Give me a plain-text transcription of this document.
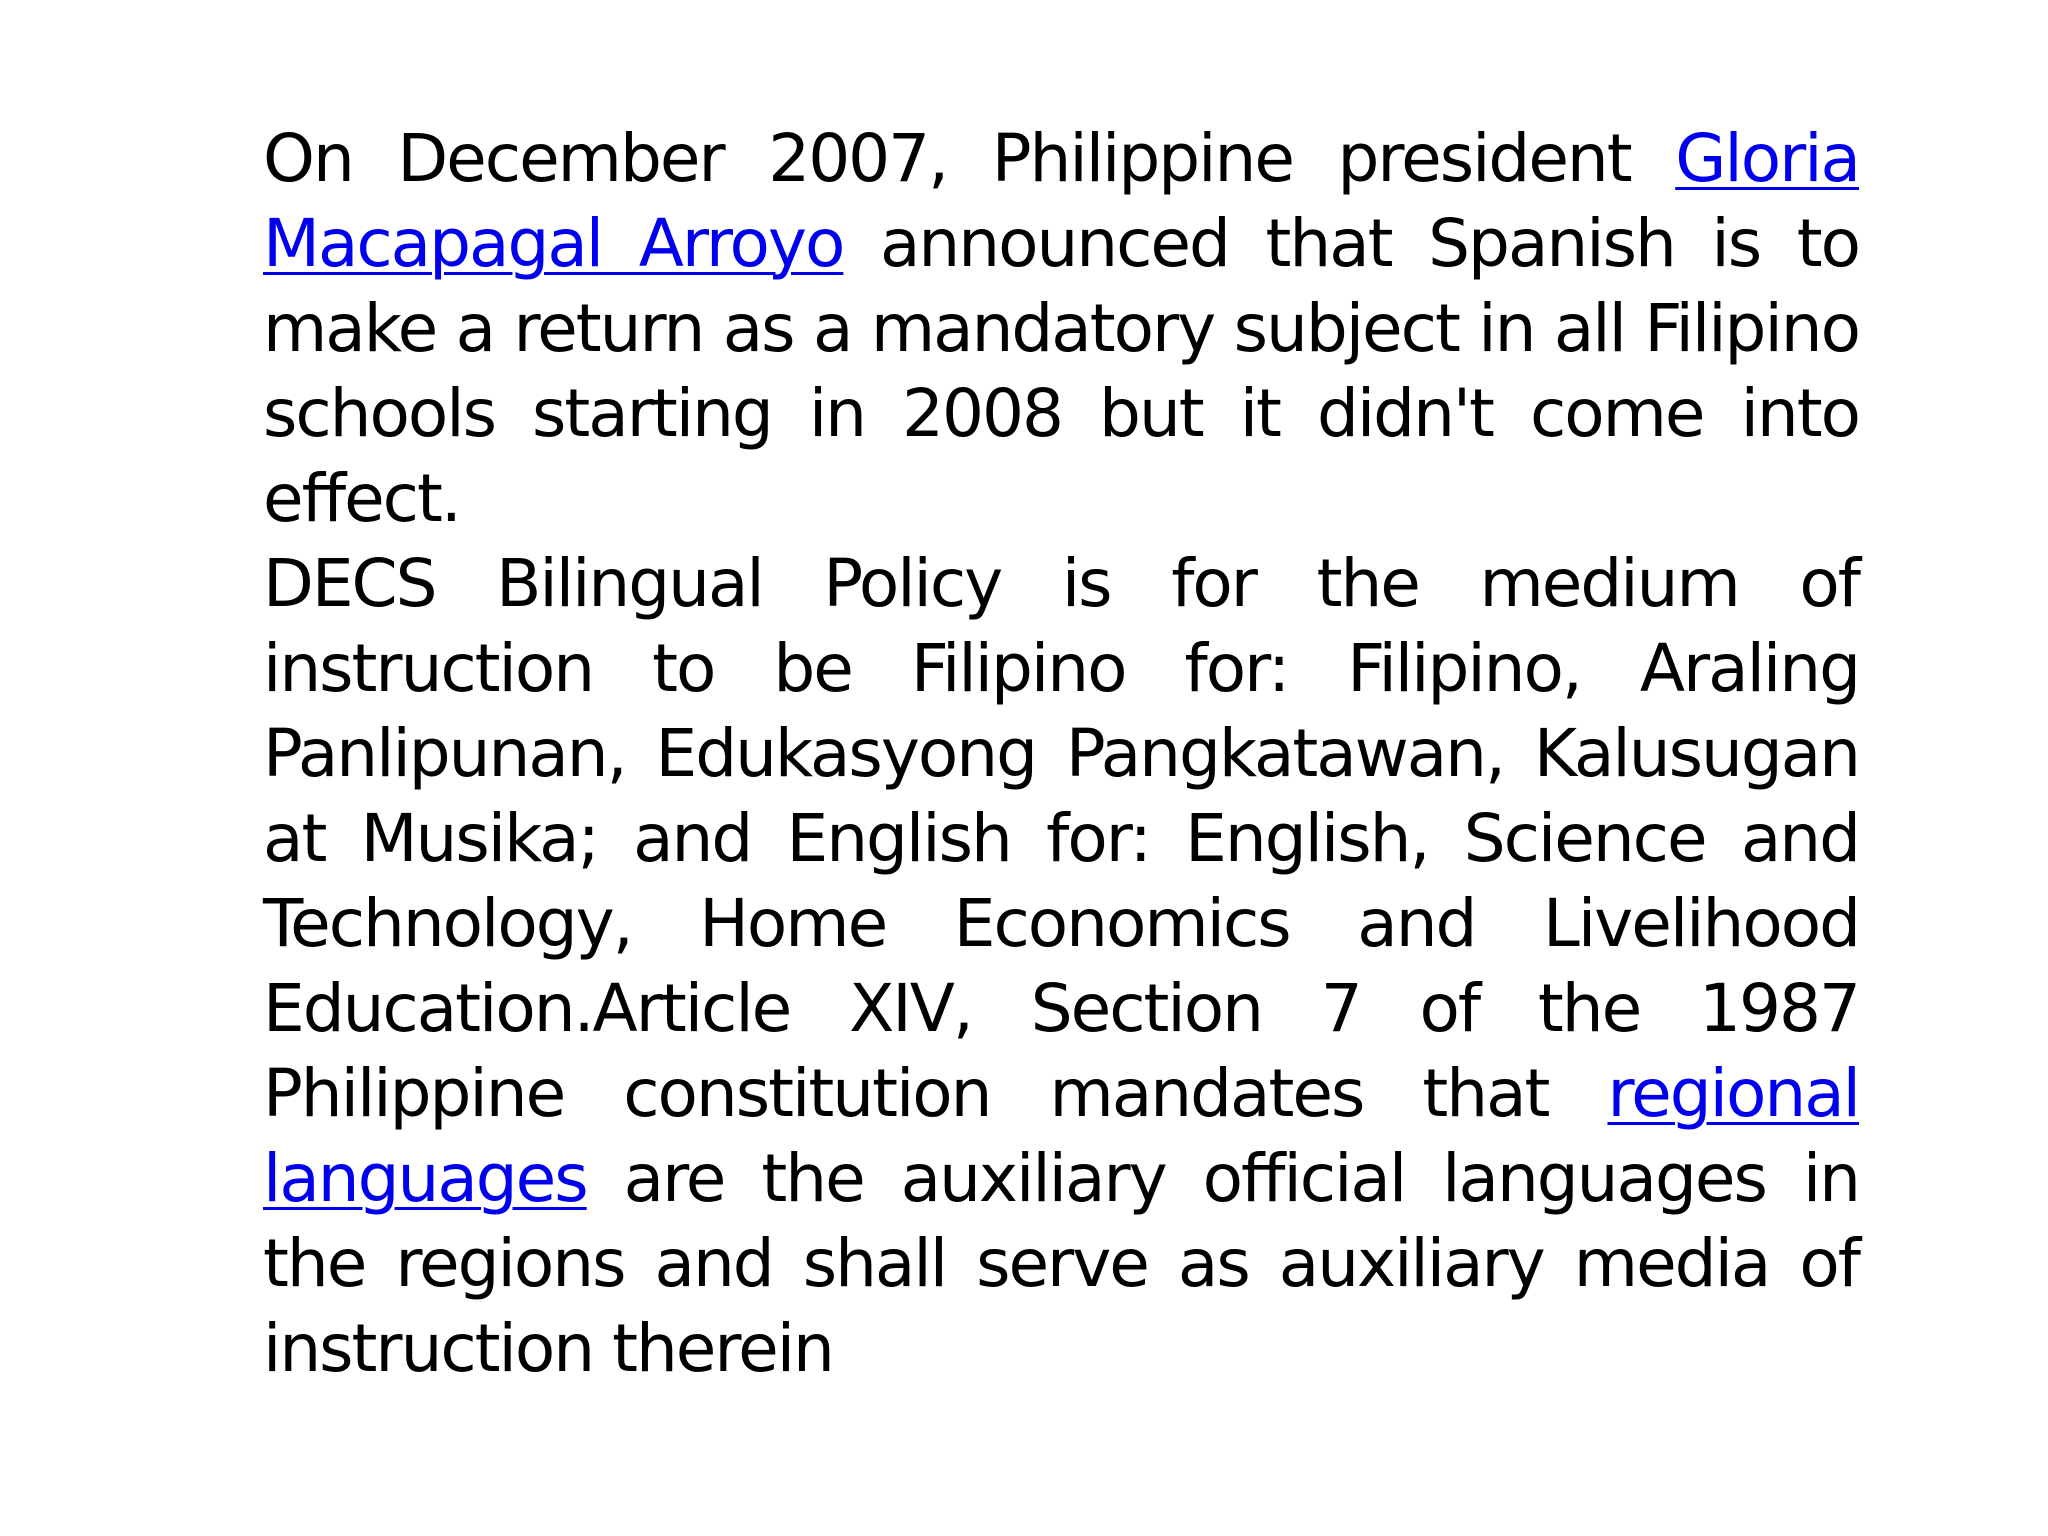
On December 2007, Philippine president Gloria Macapagal Arroyo announced that Spanish is to make a return as a mandatory subject in all Filipino schools starting in 2008 but it didn't come into effect.

DECS Bilingual Policy is for the medium of instruction to be Filipino for: Filipino, Araling Panlipunan, Edukasyong Pangkatawan, Kalusugan at Musika; and English for: English, Science and Technology, Home Economics and Livelihood Education.Article XIV, Section 7 of the 1987 Philippine constitution mandates that regional languages are the auxiliary official languages in the regions and shall serve as auxiliary media of instruction therein
